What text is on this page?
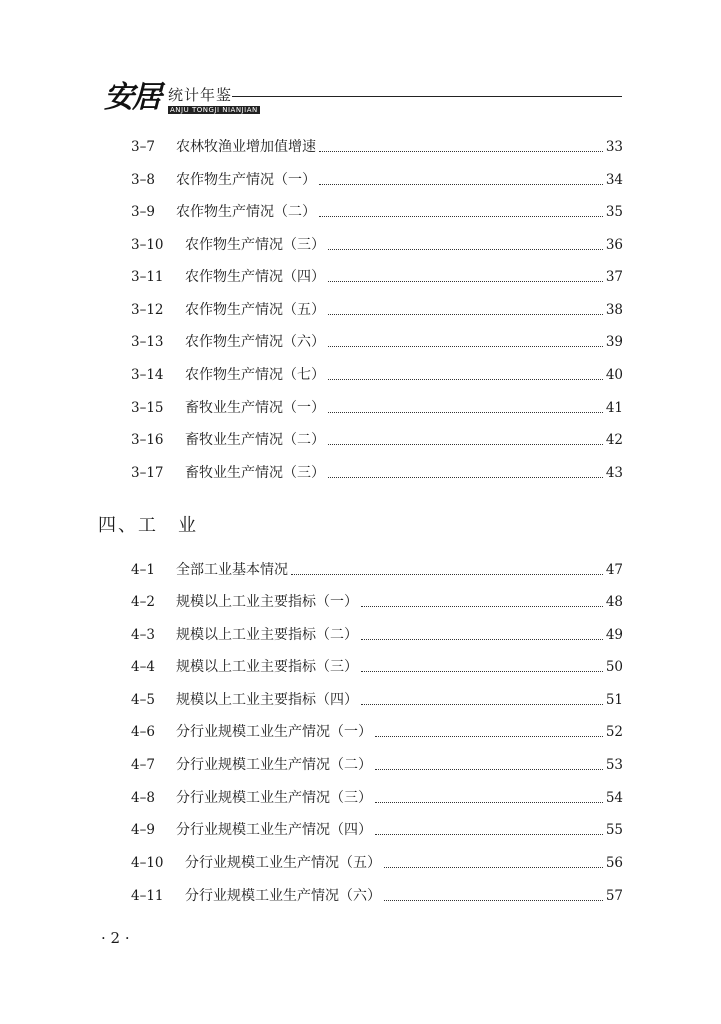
安居 统计年鉴
ANJU TONGJI NIANJIAN
3–7	农林牧渔业增加值增速	33
3–8	农作物生产情况（一）	34
3–9	农作物生产情况（二）	35
3–10	农作物生产情况（三）	36
3–11	农作物生产情况（四）	37
3–12	农作物生产情况（五）	38
3–13	农作物生产情况（六）	39
3–14	农作物生产情况（七）	40
3–15	畜牧业生产情况（一）	41
3–16	畜牧业生产情况（二）	42
3–17	畜牧业生产情况（三）	43
四、工　业
4–1	全部工业基本情况	47
4–2	规模以上工业主要指标（一）	48
4–3	规模以上工业主要指标（二）	49
4–4	规模以上工业主要指标（三）	50
4–5	规模以上工业主要指标（四）	51
4–6	分行业规模工业生产情况（一）	52
4–7	分行业规模工业生产情况（二）	53
4–8	分行业规模工业生产情况（三）	54
4–9	分行业规模工业生产情况（四）	55
4–10	分行业规模工业生产情况（五）	56
4–11	分行业规模工业生产情况（六）	57
· 2 ·
